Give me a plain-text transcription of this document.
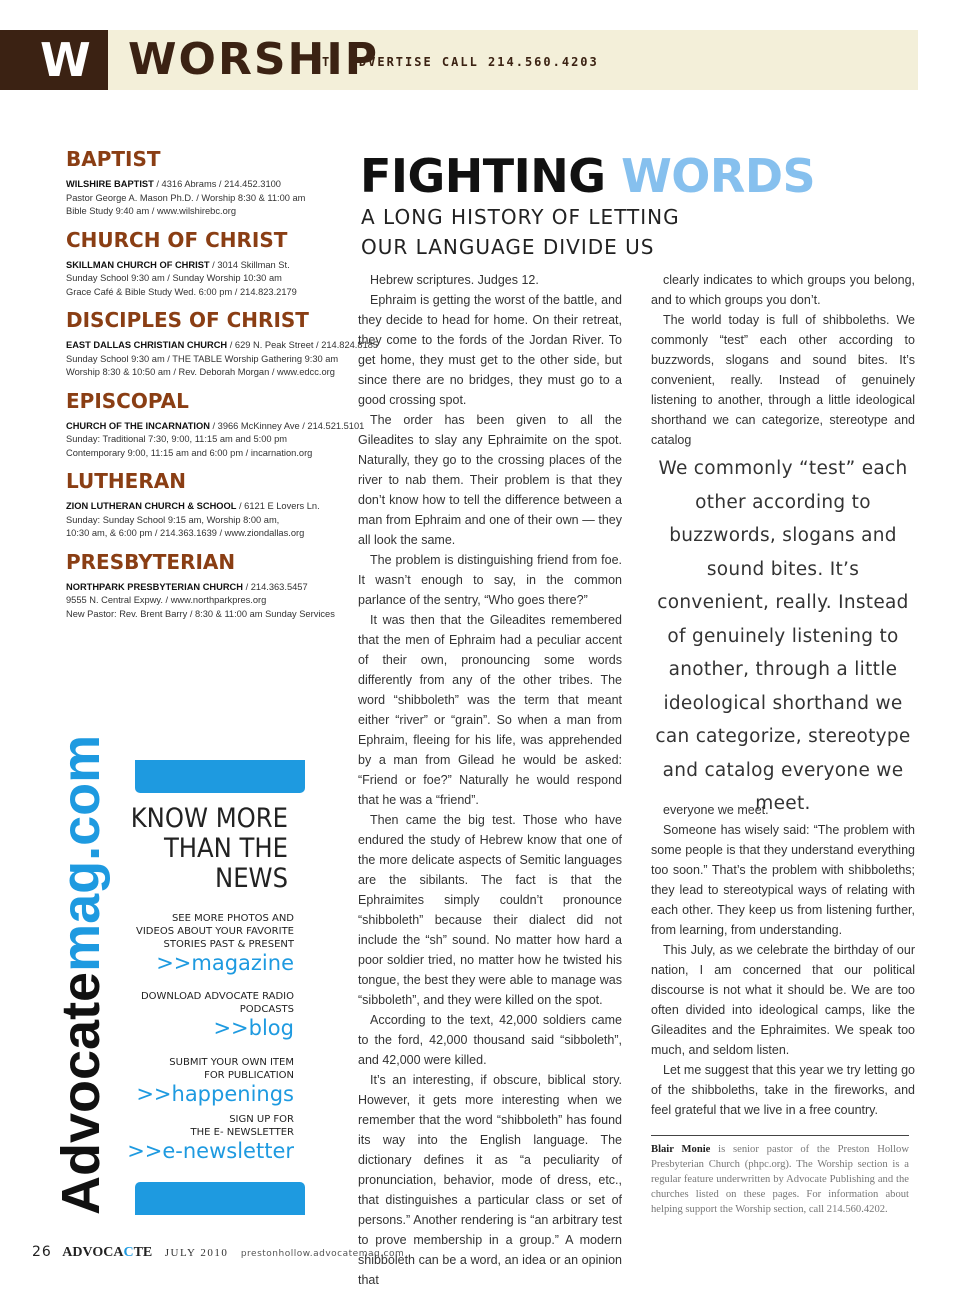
W WORSHIP
TO ADVERTISE CALL 214.560.4203
BAPTIST
WILSHIRE BAPTIST / 4316 Abrams / 214.452.3100
Pastor George A. Mason Ph.D. / Worship 8:30 & 11:00 am
Bible Study 9:40 am / www.wilshirebc.org
CHURCH OF CHRIST
SKILLMAN CHURCH OF CHRIST / 3014 Skillman St.
Sunday School 9:30 am / Sunday Worship 10:30 am
Grace Café & Bible Study Wed. 6:00 pm / 214.823.2179
DISCIPLES OF CHRIST
EAST DALLAS CHRISTIAN CHURCH / 629 N. Peak Street / 214.824.8185
Sunday School 9:30 am / THE TABLE Worship Gathering 9:30 am
Worship 8:30 & 10:50 am / Rev. Deborah Morgan / www.edcc.org
EPISCOPAL
CHURCH OF THE INCARNATION / 3966 McKinney Ave / 214.521.5101
Sunday: Traditional 7:30, 9:00, 11:15 am and 5:00 pm
Contemporary 9:00, 11:15 am and 6:00 pm / incarnation.org
LUTHERAN
ZION LUTHERAN CHURCH & SCHOOL / 6121 E Lovers Ln.
Sunday: Sunday School 9:15 am, Worship 8:00 am,
10:30 am, & 6:00 pm / 214.363.1639 / www.ziondallas.org
PRESBYTERIAN
NORTHPARK PRESBYTERIAN CHURCH / 214.363.5457
9555 N. Central Expwy. / www.northparkpres.org
New Pastor: Rev. Brent Barry / 8:30 & 11:00 am Sunday Services
Advocatemag.com KNOW MORE
THAN THE
NEWS
SEE MORE PHOTOS AND
VIDEOS ABOUT YOUR FAVORITE
STORIES PAST & PRESENT
>>magazine
DOWNLOAD ADVOCATE RADIO
PODCASTS
>>blog
SUBMIT YOUR OWN ITEM
FOR PUBLICATION
>>happenings
SIGN UP FOR
THE E- NEWSLETTER
>>e-newsletter
FIGHTING WORDS
A LONG HISTORY OF LETTING OUR LANGUAGE DIVIDE US

Hebrew scriptures. Judges 12.

Ephraim is getting the worst of the battle, and they decide to head for home. On their retreat, they come to the fords of the Jordan River. To get home, they must get to the other side, but since there are no bridges, they must go to a good crossing spot.

The order has been given to all the Gileadites to slay any Ephraimite on the spot. Naturally, they go to the crossing places of the river to nab them. Their problem is that they don’t know how to tell the difference between a man from Ephraim and one of their own — they all look the same.

The problem is distinguishing friend from foe. It wasn’t enough to say, in the common parlance of the sentry, “Who goes there?”

It was then that the Gileadites remembered that the men of Ephraim had a peculiar accent of their own, pronouncing some words differently from any of the other tribes. The word “shibboleth” was the term that meant either “river” or “grain”. So when a man from Ephraim, fleeing for his life, was apprehended by a man from Gilead he would be asked: “Friend or foe?” Naturally he would respond that he was a “friend”.

Then came the big test. Those who have endured the study of Hebrew know that one of the more delicate aspects of Semitic languages are the sibilants. The fact is that the Ephraimites simply couldn’t pronounce “shibboleth” because their dialect did not include the “sh” sound. No matter how hard a poor soldier tried, no matter how he twisted his tongue, the best they were able to manage was “sibboleth”, and they were killed on the spot.

According to the text, 42,000 soldiers came to the ford, 42,000 thousand said “sibboleth”, and 42,000 were killed.

It’s an interesting, if obscure, biblical story. However, it gets more interesting when we remember that the word “shibboleth” has found its way into the English language. The dictionary defines it as “a peculiarity of pronunciation, behavior, mode of dress, etc., that distinguishes a particular class or set of persons.” Another rendering is “an arbitrary test to prove membership in a group.” A modern shibboleth can be a word, an idea or an opinion that

clearly indicates to which groups you belong, and to which groups you don’t.

The world today is full of shibboleths. We commonly “test” each other according to buzzwords, slogans and sound bites. It’s convenient, really. Instead of genuinely listening to another, through a little ideological shorthand we can categorize, stereotype and catalog

We commonly “test” each other according to buzzwords, slogans and sound bites. It’s convenient, really. Instead of genuinely listening to another, through a little ideological shorthand we can categorize, stereotype and catalog everyone we meet.

everyone we meet.

Someone has wisely said: “The problem with some people is that they understand everything too soon.” That’s the problem with shibboleths; they lead to stereotypical ways of relating with each other. They keep us from listening further, from learning, from understanding.

This July, as we celebrate the birthday of our nation, I am concerned that our political discourse is not what it should be. We are too often divided into ideological camps, like the Gileadites and the Ephraimites. We speak too much, and seldom listen.

Let me suggest that this year we try letting go of the shibboleths, take in the fireworks, and feel grateful that we live in a free country.

Blair Monie is senior pastor of the Preston Hollow Presbyterian Church (phpc.org). The Worship section is a regular feature underwritten by Advocate Publishing and the churches listed on these pages. For information about helping support the Worship section, call 214.560.4202.
26 ADVOCACTE JULY 2010 prestonhollow.advocatemag.com
